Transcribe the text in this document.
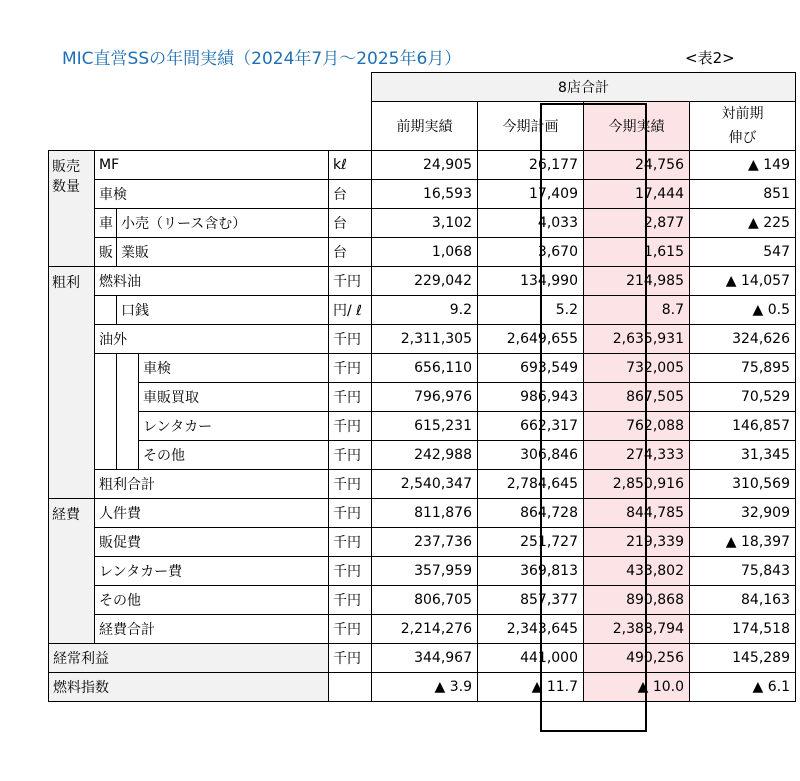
MIC直営SSの年間実績（2024年7月～2025年6月）	<表2>
					8店合計			
					前期実績	今期計画	今期実績	対前期
伸び

販売
数量	MF			kℓ	24,905	26,177	24,756	▲ 149
	車検			台	16,593	17,409	17,444	851
	車	小売（リース含む）		台	3,102	4,033	2,877	▲ 225
	販	業販		台	1,068	3,670	1,615	547
粗利	燃料油			千円	229,042	134,990	214,985	▲ 14,057
		口銭		円/ ℓ	9.2	5.2	8.7	▲ 0.5
	油外			千円	2,311,305	2,649,655	2,635,931	324,626
			車検	千円	656,110	693,549	732,005	75,895
			車販買取	千円	796,976	986,943	867,505	70,529
			レンタカー	千円	615,231	662,317	762,088	146,857
			その他	千円	242,988	306,846	274,333	31,345
	粗利合計			千円	2,540,347	2,784,645	2,850,916	310,569
経費	人件費			千円	811,876	864,728	844,785	32,909
	販促費			千円	237,736	251,727	219,339	▲ 18,397
	レンタカー費			千円	357,959	369,813	433,802	75,843
	その他			千円	806,705	857,377	890,868	84,163
	経費合計			千円	2,214,276	2,343,645	2,388,794	174,518
経常利益				千円	344,967	441,000	490,256	145,289
燃料指数					▲ 3.9	▲ 11.7	▲ 10.0	▲ 6.1
